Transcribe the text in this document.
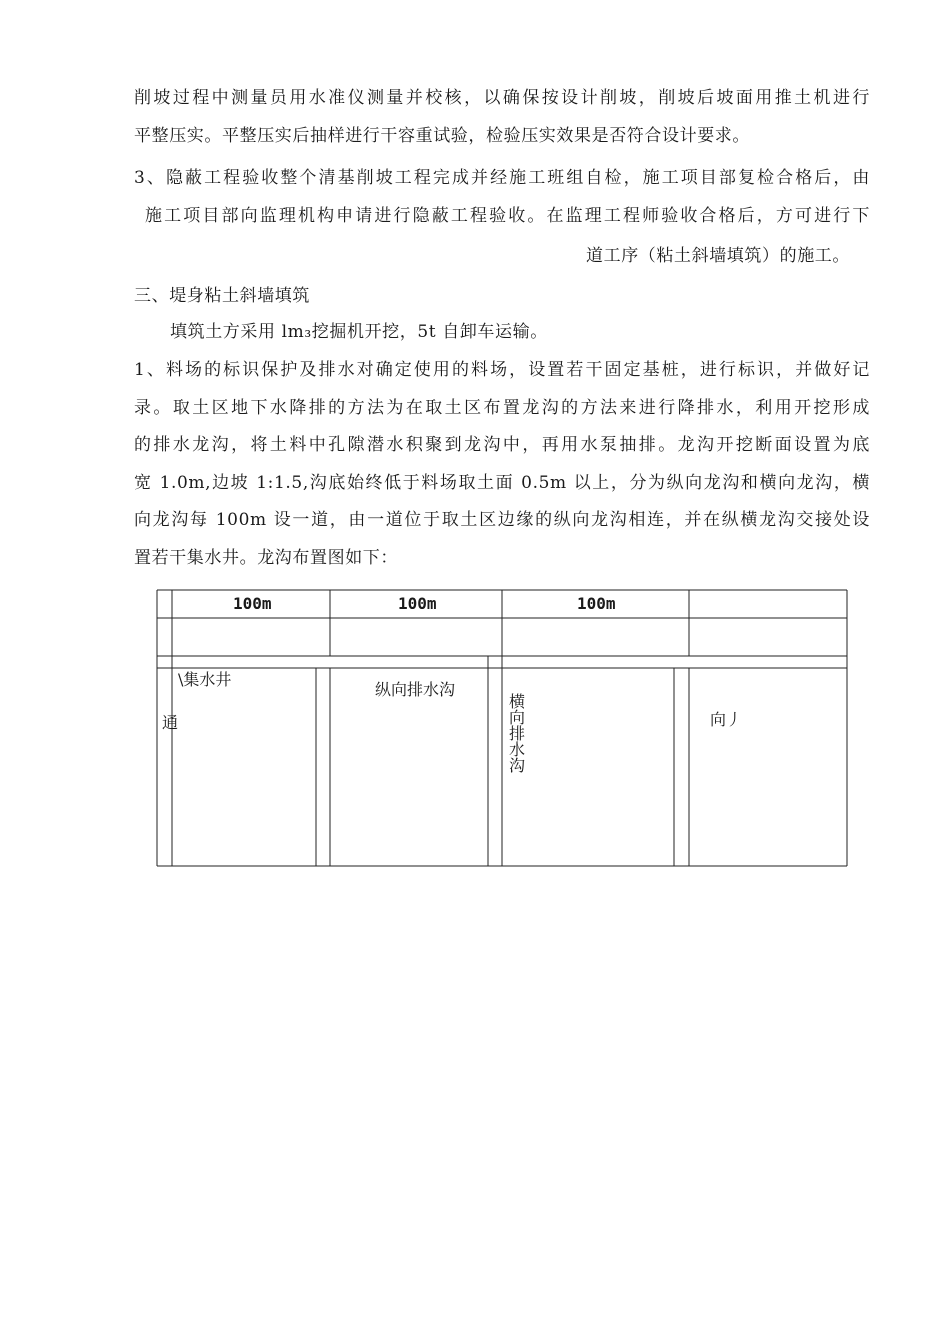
削坡过程中测量员用水准仪测量并校核，以确保按设计削坡，削坡后坡面用推土机进行
平整压实。平整压实后抽样进行干容重试验，检验压实效果是否符合设计要求。
3、隐蔽工程验收整个清基削坡工程完成并经施工班组自检，施工项目部复检合格后，由
施工项目部向监理机构申请进行隐蔽工程验收。在监理工程师验收合格后，方可进行下
道工序（粘土斜墙填筑）的施工。
三、堤身粘土斜墙填筑
填筑土方采用 lm₃挖掘机开挖，5t 自卸车运输。
1、料场的标识保护及排水对确定使用的料场，设置若干固定基桩，进行标识，并做好记
录。取土区地下水降排的方法为在取土区布置龙沟的方法来进行降排水，利用开挖形成
的排水龙沟，将土料中孔隙潜水积聚到龙沟中，再用水泵抽排。龙沟开挖断面设置为底
宽 1.0m,边坡 1:1.5,沟底始终低于料场取土面 0.5m 以上，分为纵向龙沟和横向龙沟，横
向龙沟每 100m 设一道，由一道位于取土区边缘的纵向龙沟相连，并在纵横龙沟交接处设
置若干集水井。龙沟布置图如下：
100m	100m	100m
\集水井
通
纵向排水沟
横向排水沟
向丿
